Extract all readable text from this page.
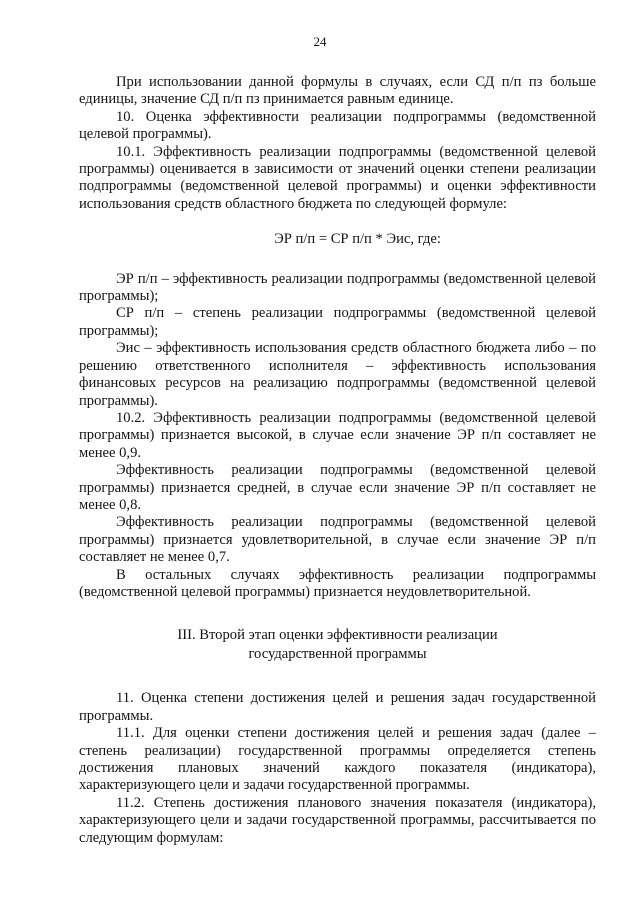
24

При использовании данной формулы в случаях, если СД п/п пз больше единицы, значение СД п/п пз принимается равным единице.

10. Оценка эффективности реализации подпрограммы (ведомственной целевой программы).

10.1. Эффективность реализации подпрограммы (ведомственной целевой программы) оценивается в зависимости от значений оценки степени реализации подпрограммы (ведомственной целевой программы) и оценки эффективности использования средств областного бюджета по следующей формуле:

ЭР п/п = СР п/п * Эис, где:

ЭР п/п – эффективность реализации подпрограммы (ведомственной целевой программы);

СР п/п – степень реализации подпрограммы (ведомственной целевой программы);

Эис – эффективность использования средств областного бюджета либо – по решению ответственного исполнителя – эффективность использования финансовых ресурсов на реализацию подпрограммы (ведомственной целевой программы).

10.2. Эффективность реализации подпрограммы (ведомственной целевой программы) признается высокой, в случае если значение ЭР п/п составляет не менее 0,9.

Эффективность реализации подпрограммы (ведомственной целевой программы) признается средней, в случае если значение ЭР п/п составляет не менее 0,8.

Эффективность реализации подпрограммы (ведомственной целевой программы) признается удовлетворительной, в случае если значение ЭР п/п составляет не менее 0,7.

В остальных случаях эффективность реализации подпрограммы (ведомственной целевой программы) признается неудовлетворительной.

III. Второй этап оценки эффективности реализации
государственной программы

11. Оценка степени достижения целей и решения задач государственной программы.

11.1. Для оценки степени достижения целей и решения задач (далее – степень реализации) государственной программы определяется степень достижения плановых значений каждого показателя (индикатора), характеризующего цели и задачи государственной программы.

11.2. Степень достижения планового значения показателя (индикатора), характеризующего цели и задачи государственной программы, рассчитывается по следующим формулам:
